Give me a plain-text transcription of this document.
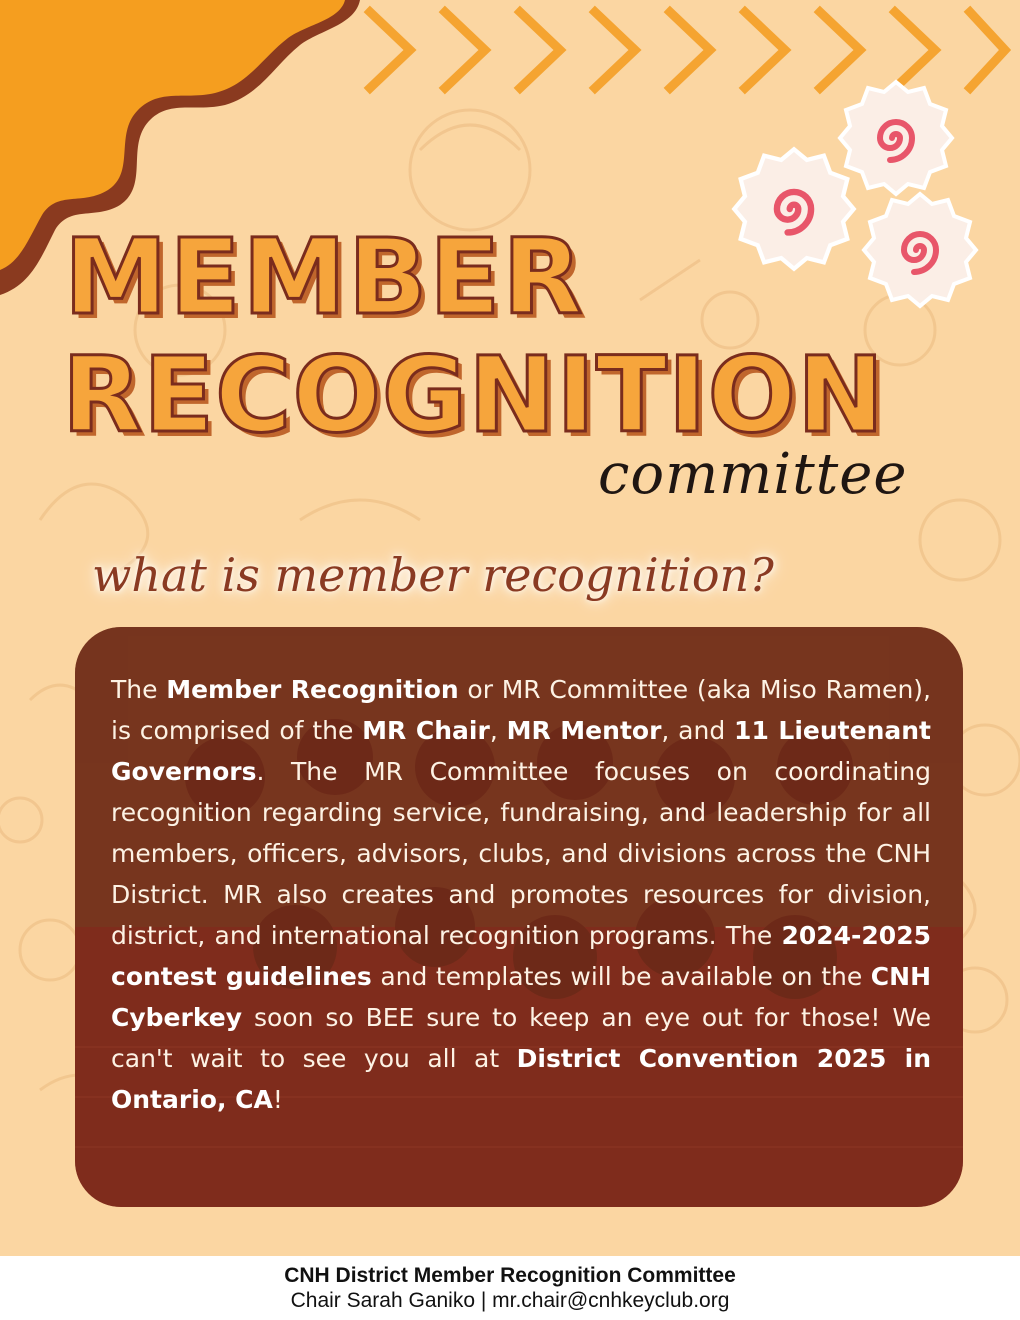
MEMBER
RECOGNITION
committee
what is member recognition?
The Member Recognition or MR Committee (aka Miso Ramen), is comprised of the MR Chair, MR Mentor, and 11 Lieutenant Governors. The MR Committee focuses on coordinating recognition regarding service, fundraising, and leadership for all members, officers, advisors, clubs, and divisions across the CNH District. MR also creates and promotes resources for division, district, and international recognition programs. The 2024-2025 contest guidelines and templates will be available on the CNH Cyberkey soon so BEE sure to keep an eye out for those! We can't wait to see you all at District Convention 2025 in Ontario, CA!
CNH District Member Recognition Committee
Chair Sarah Ganiko | mr.chair@cnhkeyclub.org
